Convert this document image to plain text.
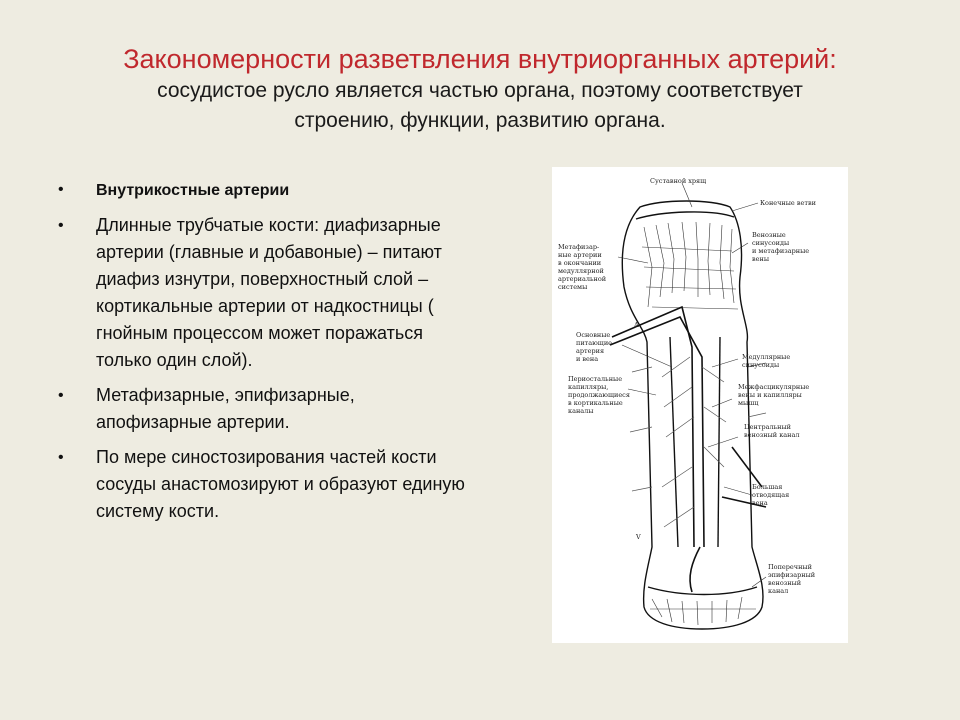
Закономерности разветвления внутриорганных артерий:
сосудистое русло является частью органа, поэтому соответствует
строению, функции, развитию органа.
• Внутрикостные артерии
• Длинные трубчатые кости: диафизарные артерии (главные и добавоные) – питают диафиз изнутри, поверхностный слой – кортикальные артерии от надкостницы ( гнойным процессом может поражаться только один слой).
• Метафизарные, эпифизарные, апофизарные артерии.
• По мере синостозирования частей кости сосуды анастомозируют и образуют единую систему кости.
Суставной хрящ
Конечные ветви
Метафизар-
ные артерии
в окончании
медуллярной
артериальной
системы
Венозные
синусоиды
и метафизарные
вены
A
Основные
питающие
артерия
и вена	Медуллярные
синусоиды
Периостальные
капилляры,
продолжающиеся
в кортикальные
каналы
Межфасцикулярные
вены и капилляры
мышц
Центральный
венозный канал
Большая
отводящая
вена
V
Поперечный
эпифизарный
венозный
канал
